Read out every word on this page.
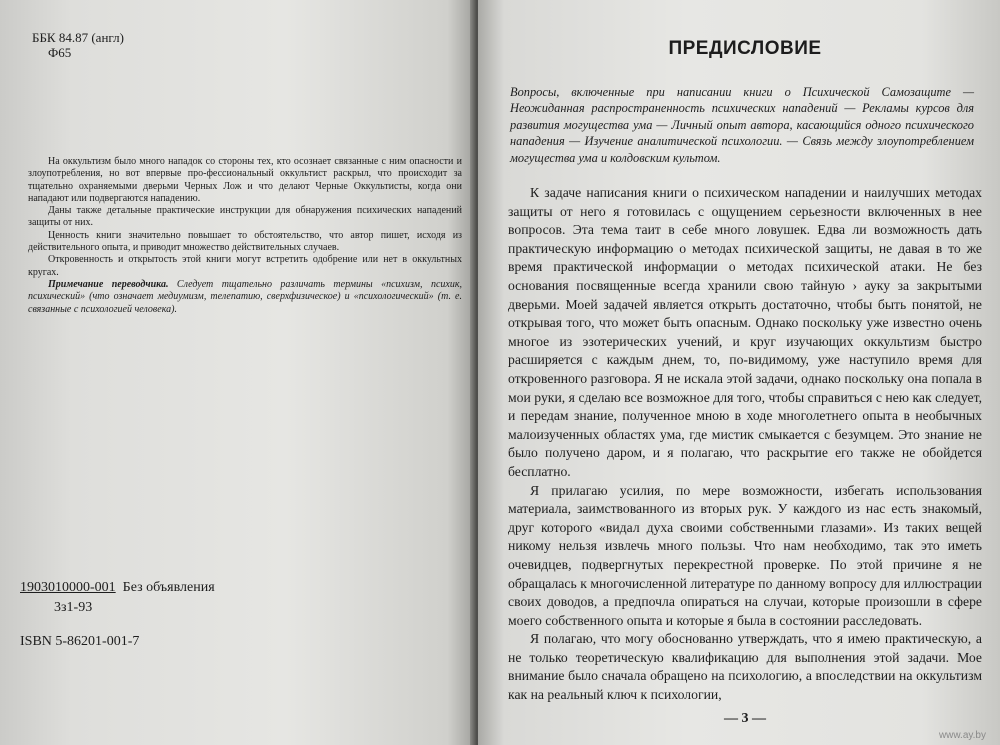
ББК 84.87 (англ)
Ф65

На оккультизм было много нападок со стороны тех, кто осознает связанные с ним опасности и злоупотребления, но вот впервые про-фессиональный оккультист раскрыл, что происходит за тщательно охраняемыми дверьми Черных Лож и что делают Черные Оккультисты, когда они нападают или подвергаются нападению.

Даны также детальные практические инструкции для обнаружения психических нападений защиты от них.

Ценность книги значительно повышает то обстоятельство, что автор пишет, исходя из действительного опыта, и приводит множество действительных случаев.

Откровенность и открытость этой книги могут встретить одобрение или нет в оккультных кругах.

Примечание переводчика. Следует тщательно различать термины «психизм, психик, психический» (что означает медиумизм, телепатию, сверхфизическое) и «психологический» (т. е. связанные с психологией человека).

1903010000-001 Без объявления
3з1-93
ISBN 5-86201-001-7
ПРЕДИСЛОВИЕ
Вопросы, включенные при написании книги о Психической Самозащите — Неожиданная распространенность психических нападений — Рекламы курсов для развития могущества ума — Личный опыт автора, касающийся одного психического нападения — Изучение аналитической психологии. — Связь между злоупотреблением могущества ума и колдовским культом.

К задаче написания книги о психическом нападении и наилучших методах защиты от него я готовилась с ощущением серьезности включенных в нее вопросов. Эта тема таит в себе много ловушек. Едва ли возможность дать практическую информацию о методах психической защиты, не давая в то же время практической информации о методах психической атаки. Не без основания посвященные всегда хранили свою тайную › ауку за закрытыми дверьми. Моей задачей является открыть достаточно, чтобы быть понятой, не открывая того, что может быть опасным. Однако поскольку уже известно очень многое из эзотерических учений, и круг изучающих оккультизм быстро расширяется с каждым днем, то, по-видимому, уже наступило время для откровенного разговора. Я не искала этой задачи, однако поскольку она попала в мои руки, я сделаю все возможное для того, чтобы справиться с нею как следует, и передам знание, полученное мною в ходе многолетнего опыта в необычных малоизученных областях ума, где мистик смыкается с безумцем. Это знание не было получено даром, и я полагаю, что раскрытие его также не обойдется бесплатно.

Я прилагаю усилия, по мере возможности, избегать использования материала, заимствованного из вторых рук. У каждого из нас есть знакомый, друг которого «видал духа своими собственными глазами». Из таких вещей никому нельзя извлечь много пользы. Что нам необходимо, так это иметь очевидцев, подвергнутых перекрестной проверке. По этой причине я не обращалась к многочисленной литературе по данному вопросу для иллюстрации своих доводов, а предпочла опираться на случаи, которые произошли в сфере моего собственного опыта и которые я была в состоянии расследовать.

Я полагаю, что могу обоснованно утверждать, что я имею практическую, а не только теоретическую квалификацию для выполнения этой задачи. Мое внимание было сначала обращено на психологию, а впоследствии на оккультизм как на реальный ключ к психологии,

— 3 —
www.ay.by
